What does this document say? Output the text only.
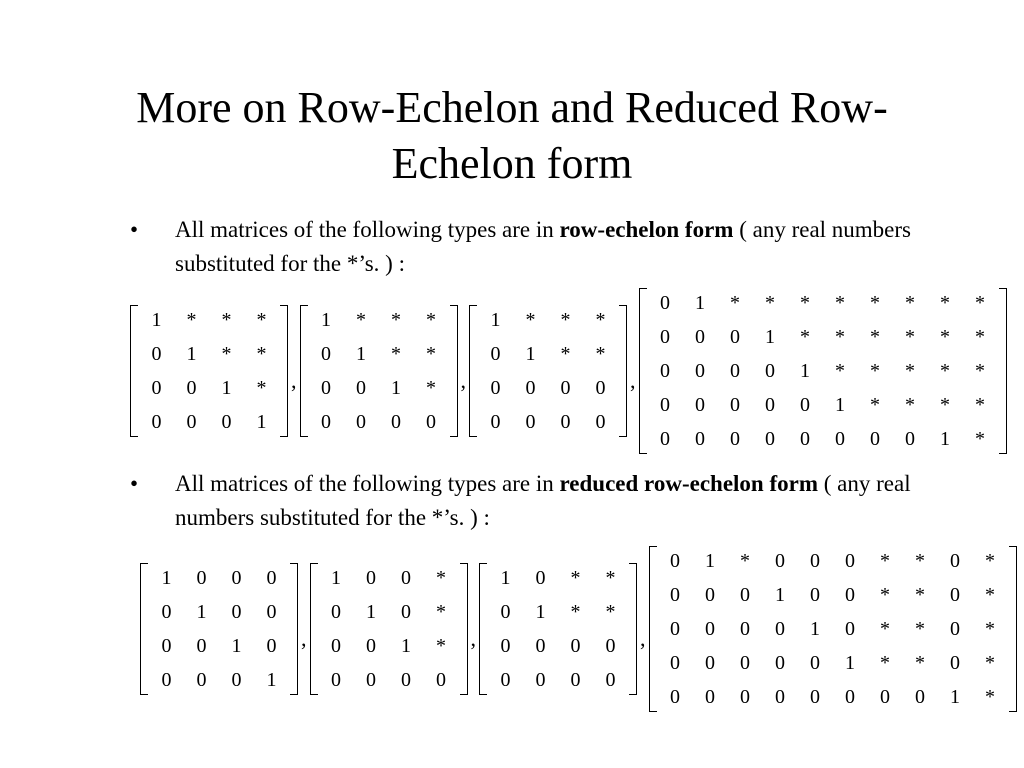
More on Row-Echelon and Reduced Row-
Echelon form
•	All matrices of the following types are in row-echelon form ( any real numbers substituted for the *’s. ) :
1	*	*	*
0	1	*	*
0	0	1	*
0	0	0	1
,
1	*	*	*
0	1	*	*
0	0	1	*
0	0	0	0
,
1	*	*	*
0	1	*	*
0	0	0	0
0	0	0	0
,
0	1	*	*	*	*	*	*	*	*
0	0	0	1	*	*	*	*	*	*
0	0	0	0	1	*	*	*	*	*
0	0	0	0	0	1	*	*	*	*
0	0	0	0	0	0	0	0	1	*
•	All matrices of the following types are in reduced row-echelon form ( any real numbers substituted for the *’s. ) :
1	0	0	0
0	1	0	0
0	0	1	0
0	0	0	1
,
1	0	0	*
0	1	0	*
0	0	1	*
0	0	0	0
,
1	0	*	*
0	1	*	*
0	0	0	0
0	0	0	0
,
0	1	*	0	0	0	*	*	0	*
0	0	0	1	0	0	*	*	0	*
0	0	0	0	1	0	*	*	0	*
0	0	0	0	0	1	*	*	0	*
0	0	0	0	0	0	0	0	1	*
